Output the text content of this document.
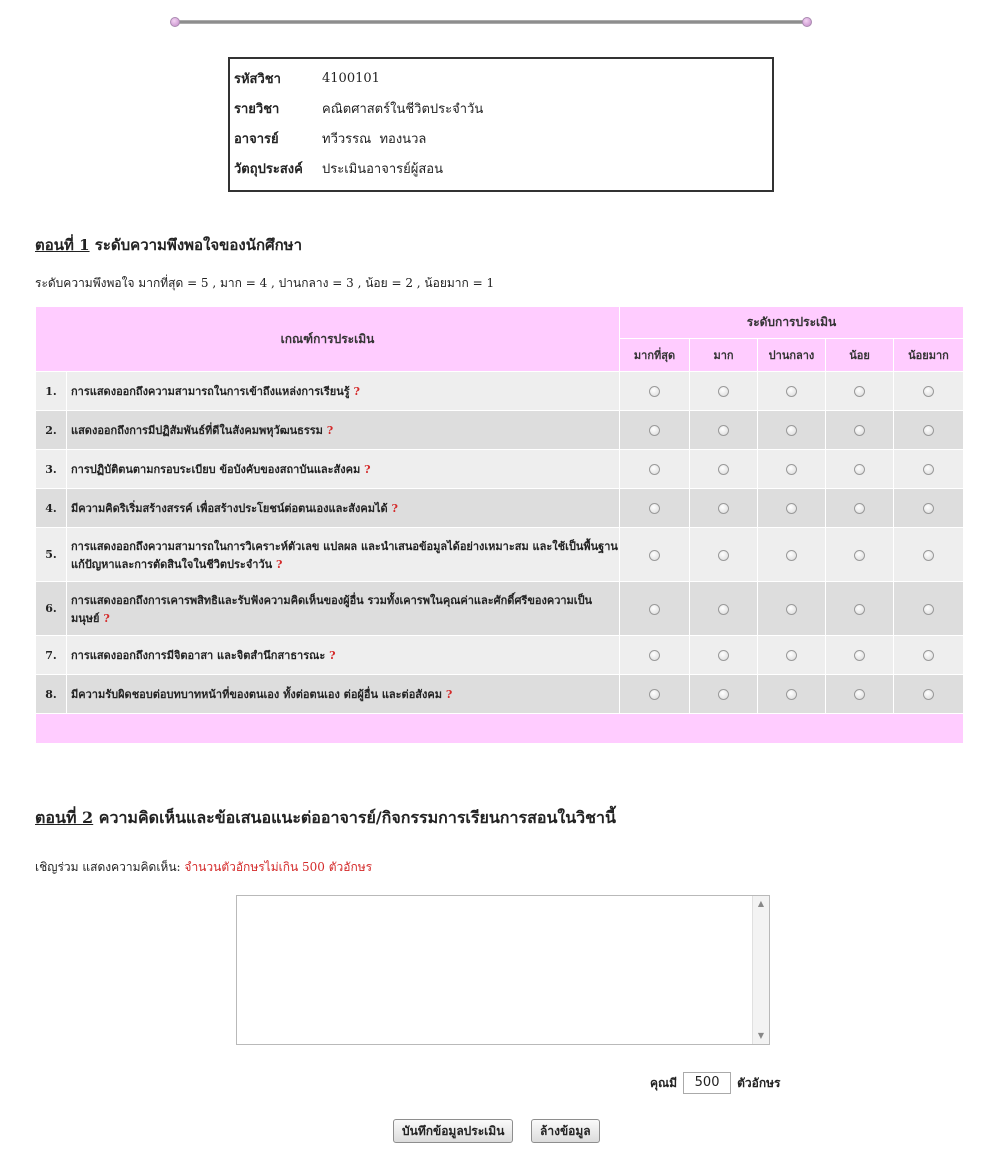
รหัสวิชา	4100101
รายวิชา	คณิตศาสตร์ในชีวิตประจำวัน
อาจารย์	ทวีวรรณ  ทองนวล
วัตถุประสงค์	ประเมินอาจารย์ผู้สอน
ตอนที่ 1 ระดับความพึงพอใจของนักศึกษา
ระดับความพึงพอใจ มากที่สุด = 5 , มาก = 4 , ปานกลาง = 3 , น้อย = 2 , น้อยมาก = 1
เกณฑ์การประเมิน		ระดับการประเมิน				
		มากที่สุด	มาก	ปานกลาง	น้อย	น้อยมาก
1.	การแสดงออกถึงความสามารถในการเข้าถึงแหล่งการเรียนรู้ ?					
2.	แสดงออกถึงการมีปฏิสัมพันธ์ที่ดีในสังคมพหุวัฒนธรรม ?					
3.	การปฏิบัติตนตามกรอบระเบียบ ข้อบังคับของสถาบันและสังคม ?					
4.	มีความคิดริเริ่มสร้างสรรค์ เพื่อสร้างประโยชน์ต่อตนเองและสังคมได้ ?					
5.	การแสดงออกถึงความสามารถในการวิเคราะห์ตัวเลข แปลผล และนำเสนอข้อมูลได้อย่างเหมาะสม และใช้เป็นพื้นฐานแก้ปัญหาและการตัดสินใจในชีวิตประจำวัน ?					
6.	การแสดงออกถึงการเคารพสิทธิและรับฟังความคิดเห็นของผู้อื่น รวมทั้งเคารพในคุณค่าและศักดิ์ศรีของความเป็นมนุษย์ ?					
7.	การแสดงออกถึงการมีจิตอาสา และจิตสำนึกสาธารณะ ?					
8.	มีความรับผิดชอบต่อบทบาทหน้าที่ของตนเอง ทั้งต่อตนเอง ต่อผู้อื่น และต่อสังคม ?					

ตอนที่ 2 ความคิดเห็นและข้อเสนอแนะต่ออาจารย์/กิจกรรมการเรียนการสอนในวิชานี้
เชิญร่วม แสดงความคิดเห็น: จำนวนตัวอักษรไม่เกิน 500 ตัวอักษร
▲
▼
คุณมี	500	ตัวอักษร
บันทึกข้อมูลประเมิน	ล้างข้อมูล
